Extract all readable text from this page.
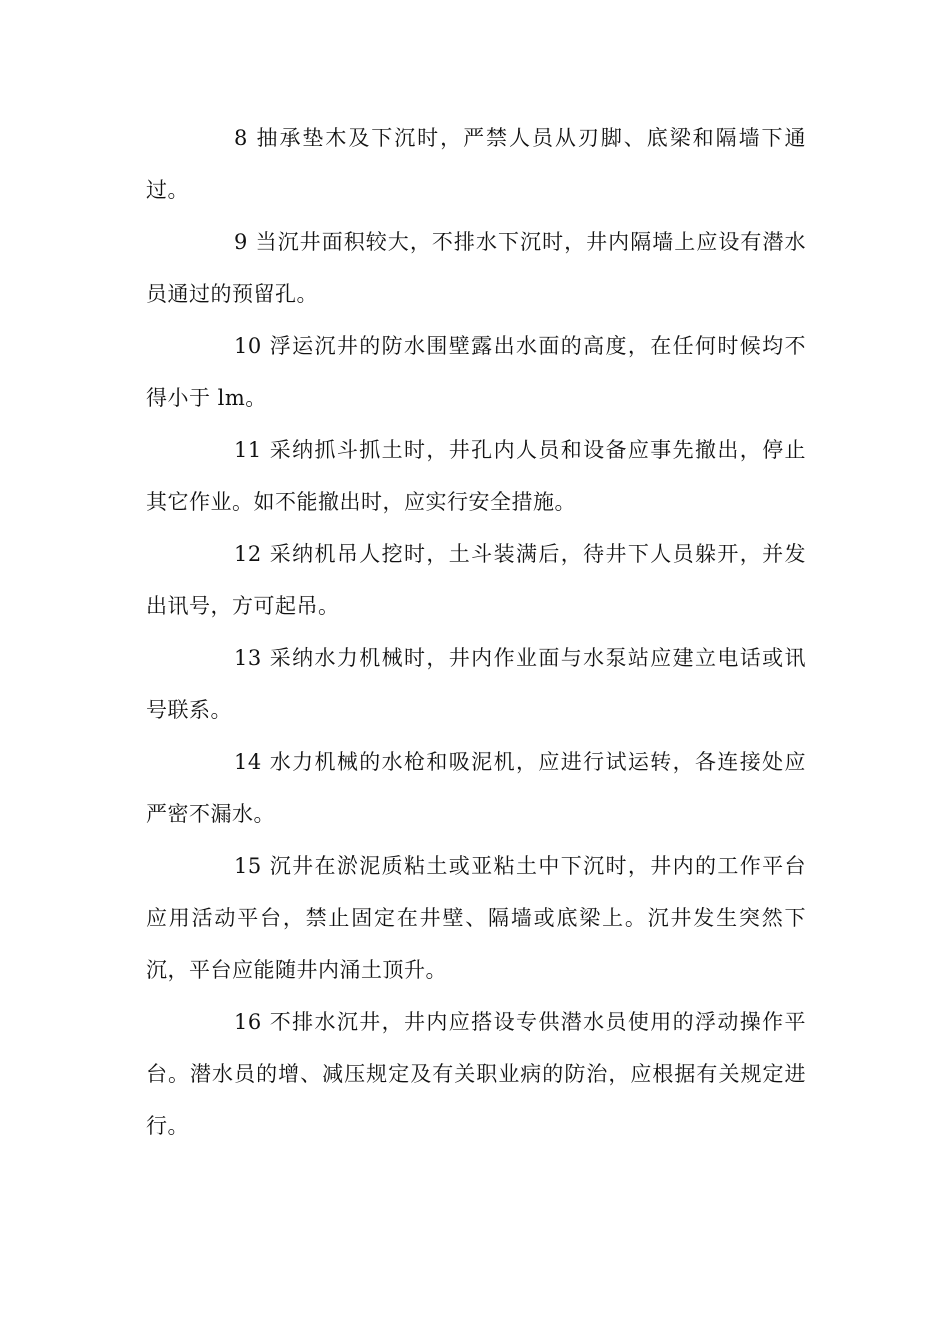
8 抽承垫木及下沉时，严禁人员从刃脚、底梁和隔墙下通过。

9 当沉井面积较大，不排水下沉时，井内隔墙上应设有潜水员通过的预留孔。

10 浮运沉井的防水围壁露出水面的高度，在任何时候均不得小于 lm。

11 采纳抓斗抓土时，井孔内人员和设备应事先撤出，停止其它作业。如不能撤出时，应实行安全措施。

12 采纳机吊人挖时，土斗装满后，待井下人员躲开，并发出讯号，方可起吊。

13 采纳水力机械时，井内作业面与水泵站应建立电话或讯号联系。

14 水力机械的水枪和吸泥机，应进行试运转，各连接处应严密不漏水。

15 沉井在淤泥质粘土或亚粘土中下沉时，井内的工作平台应用活动平台，禁止固定在井壁、隔墙或底梁上。沉井发生突然下沉，平台应能随井内涌土顶升。

16 不排水沉井，井内应搭设专供潜水员使用的浮动操作平台。潜水员的增、减压规定及有关职业病的防治，应根据有关规定进行。
